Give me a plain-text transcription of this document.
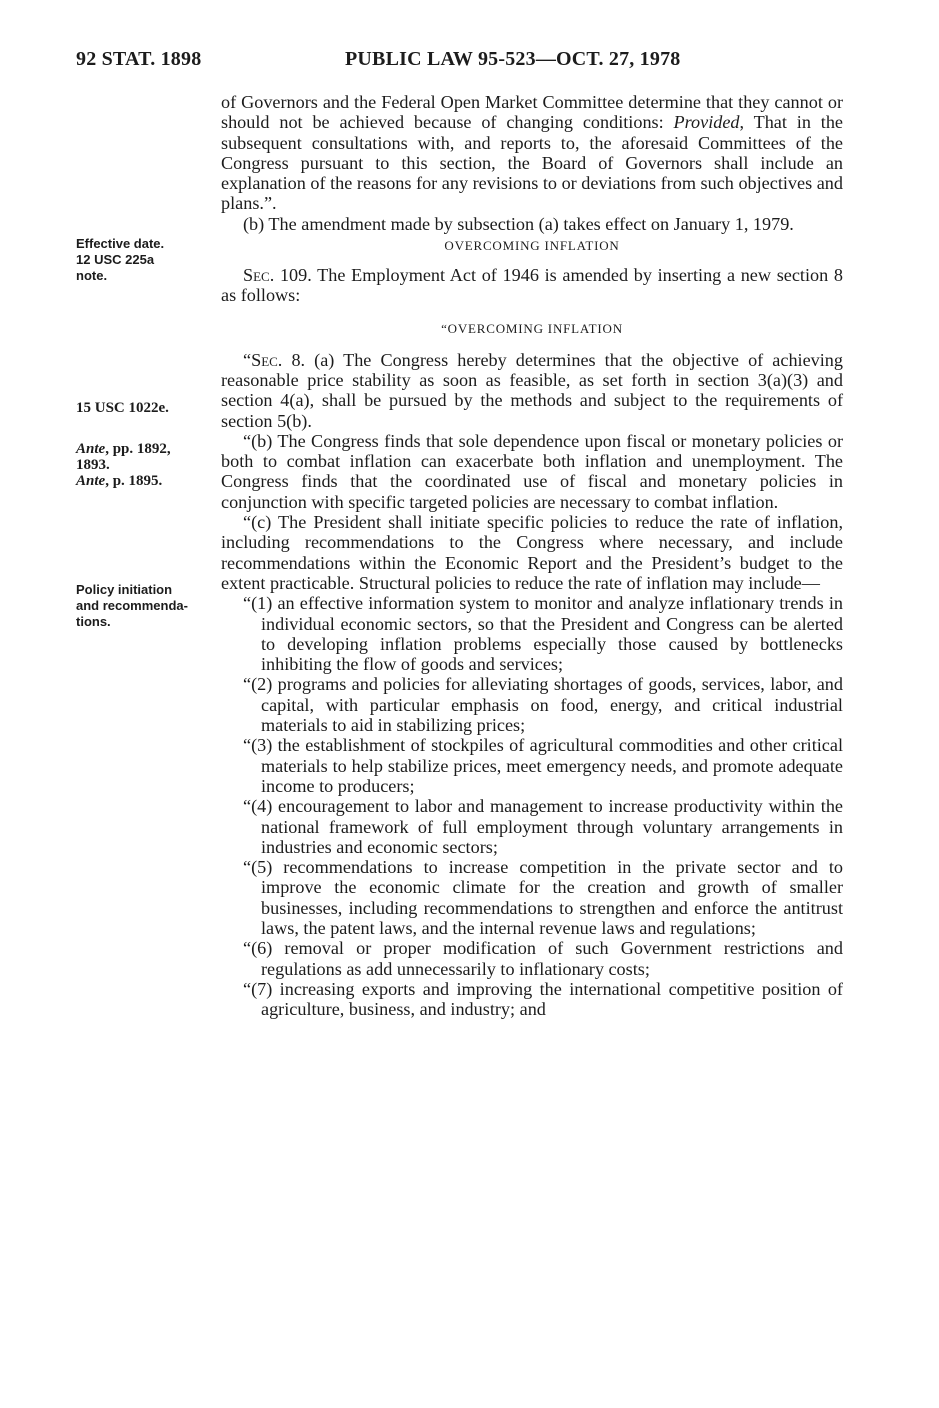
92 STAT. 1898	PUBLIC LAW 95-523—OCT. 27, 1978
Effective date.
12 USC 225a
note.
15 USC 1022e.
Ante, pp. 1892,
1893.
Ante, p. 1895.
Policy initiation
and recommenda-
tions.

of Governors and the Federal Open Market Committee determine that they cannot or should not be achieved because of changing conditions: Provided, That in the subsequent consultations with, and reports to, the aforesaid Committees of the Congress pursuant to this section, the Board of Governors shall include an explanation of the reasons for any revisions to or deviations from such objectives and plans.”.

(b) The amendment made by subsection (a) takes effect on January 1, 1979.

OVERCOMING INFLATION

Sec. 109. The Employment Act of 1946 is amended by inserting a new section 8 as follows:

“OVERCOMING INFLATION

“Sec. 8. (a) The Congress hereby determines that the objective of achieving reasonable price stability as soon as feasible, as set forth in section 3(a)(3) and section 4(a), shall be pursued by the methods and subject to the requirements of section 5(b).

“(b) The Congress finds that sole dependence upon fiscal or monetary policies or both to combat inflation can exacerbate both inflation and unemployment. The Congress finds that the coordinated use of fiscal and monetary policies in conjunction with specific targeted policies are necessary to combat inflation.

“(c) The President shall initiate specific policies to reduce the rate of inflation, including recommendations to the Congress where necessary, and include recommendations within the Economic Report and the President’s budget to the extent practicable. Structural policies to reduce the rate of inflation may include—

“(1) an effective information system to monitor and analyze inflationary trends in individual economic sectors, so that the President and Congress can be alerted to developing inflation problems especially those caused by bottlenecks inhibiting the flow of goods and services;

“(2) programs and policies for alleviating shortages of goods, services, labor, and capital, with particular emphasis on food, energy, and critical industrial materials to aid in stabilizing prices;

“(3) the establishment of stockpiles of agricultural commodities and other critical materials to help stabilize prices, meet emergency needs, and promote adequate income to producers;

“(4) encouragement to labor and management to increase productivity within the national framework of full employment through voluntary arrangements in industries and economic sectors;

“(5) recommendations to increase competition in the private sector and to improve the economic climate for the creation and growth of smaller businesses, including recommendations to strengthen and enforce the antitrust laws, the patent laws, and the internal revenue laws and regulations;

“(6) removal or proper modification of such Government restrictions and regulations as add unnecessarily to inflationary costs;

“(7) increasing exports and improving the international competitive position of agriculture, business, and industry; and
